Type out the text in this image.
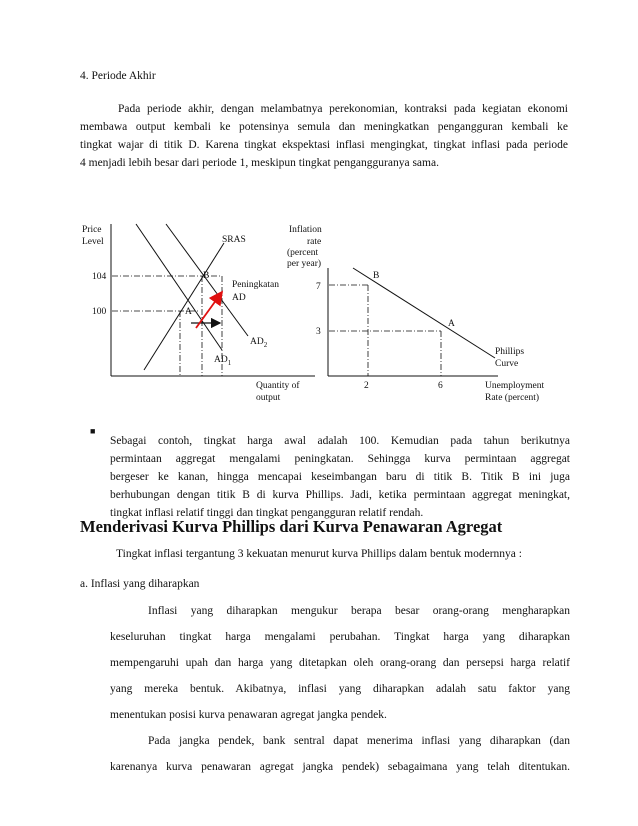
4. Periode Akhir

Pada periode akhir, dengan melambatnya perekonomian, kontraksi pada kegiatan ekonomi
membawa output kembali ke potensinya semula dan meningkatkan pengangguran kembali ke
tingkat wajar di titik D. Karena tingkat ekspektasi inflasi mengingkat, tingkat inflasi pada periode
4 menjadi lebih besar dari periode 1, meskipun tingkat pengangguranya sama.
Price
Level
Quantity of
output
104
100
SRAS
$AD_1$
$AD_2$
A
B
Peningkatan
AD
Inflation
rate
(percent
per year)
Unemployment
Rate (percent)
7
3
2	6
B
A
Phillips
Curve

■

Sebagai contoh, tingkat harga awal adalah 100. Kemudian pada tahun berikutnya
permintaan aggregat mengalami peningkatan. Sehingga kurva permintaan aggregat
bergeser ke kanan, hingga mencapai keseimbangan baru di titik B. Titik B ini juga
berhubungan dengan titik B di kurva Phillips. Jadi, ketika permintaan aggregat meningkat,
tingkat inflasi relatif tinggi dan tingkat pengangguran relatif rendah.
Menderivasi Kurva Phillips dari Kurva Penawaran Agregat

Tingkat inflasi tergantung 3 kekuatan menurut kurva Phillips dalam bentuk modernnya :

a. Inflasi yang diharapkan

Inflasi yang diharapkan mengukur berapa besar orang-orang mengharapkan
keseluruhan tingkat harga mengalami perubahan. Tingkat harga yang diharapkan
mempengaruhi upah dan harga yang ditetapkan oleh orang-orang dan persepsi harga relatif
yang mereka bentuk. Akibatnya, inflasi yang diharapkan adalah satu faktor yang
menentukan posisi kurva penawaran agregat jangka pendek.
Pada jangka pendek, bank sentral dapat menerima inflasi yang diharapkan (dan
karenanya kurva penawaran agregat jangka pendek) sebagaimana yang telah ditentukan.
